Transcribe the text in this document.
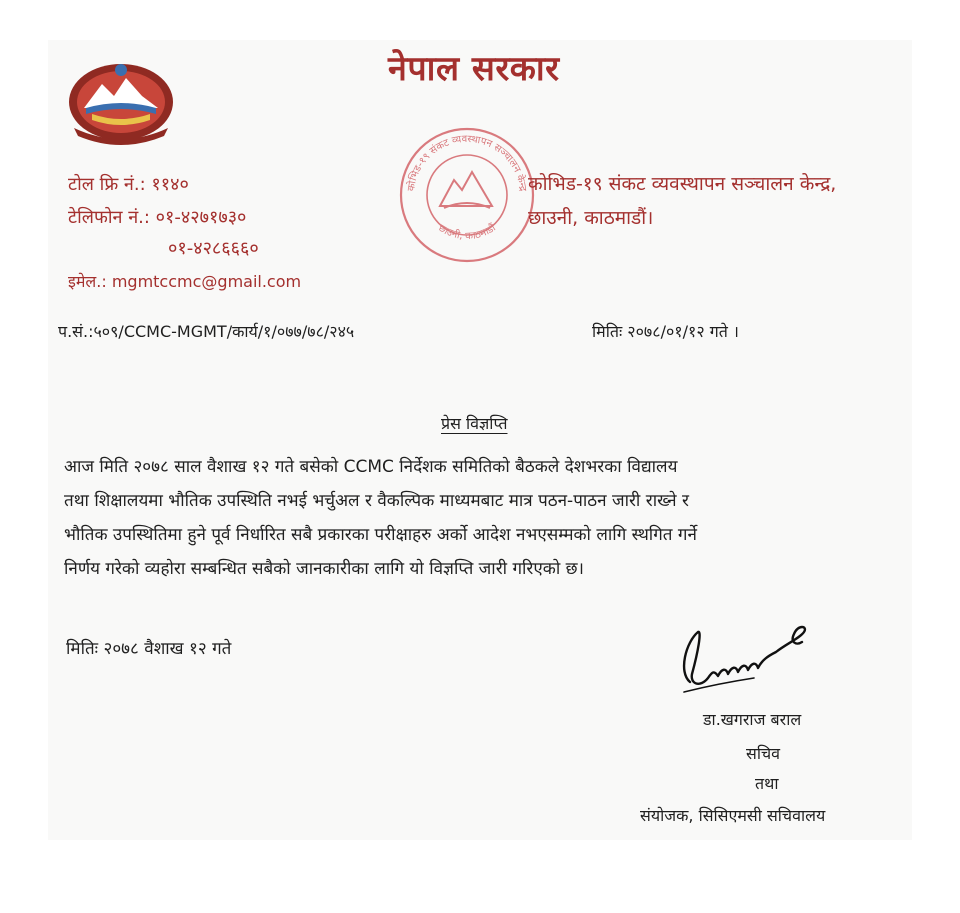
नेपाल सरकार
टोल फ्रि नं.: ११४०
टेलिफोन नं.: ०१-४२७१७३०
०१-४२८६६६०
इमेल.: mgmtccmc@gmail.com
कोभिड-१९ संकट व्यवस्थापन सञ्चालन केन्द्र
छाउनी, काठमाडौं
कोभिड-१९ संकट व्यवस्थापन सञ्चालन केन्द्र,
छाउनी, काठमाडौं।
प.सं.:५०९/CCMC-MGMT/कार्य/१/०७७/७८/२४५	मितिः २०७८/०१/१२ गते ।
प्रेस विज्ञप्ति
आज मिति २०७८ साल वैशाख १२ गते बसेको CCMC निर्देशक समितिको बैठकले देशभरका विद्यालय
तथा शिक्षालयमा भौतिक उपस्थिति नभई भर्चुअल र वैकल्पिक माध्यमबाट मात्र पठन-पाठन जारी राख्ने र
भौतिक उपस्थितिमा हुने पूर्व निर्धारित सबै प्रकारका परीक्षाहरु अर्को आदेश नभएसम्मको लागि स्थगित गर्ने
निर्णय गरेको व्यहोरा सम्बन्धित सबैको जानकारीका लागि यो विज्ञप्ति जारी गरिएको छ।
मितिः २०७८ वैशाख १२ गते
डा.खगराज बराल
सचिव
तथा
संयोजक, सिसिएमसी सचिवालय
